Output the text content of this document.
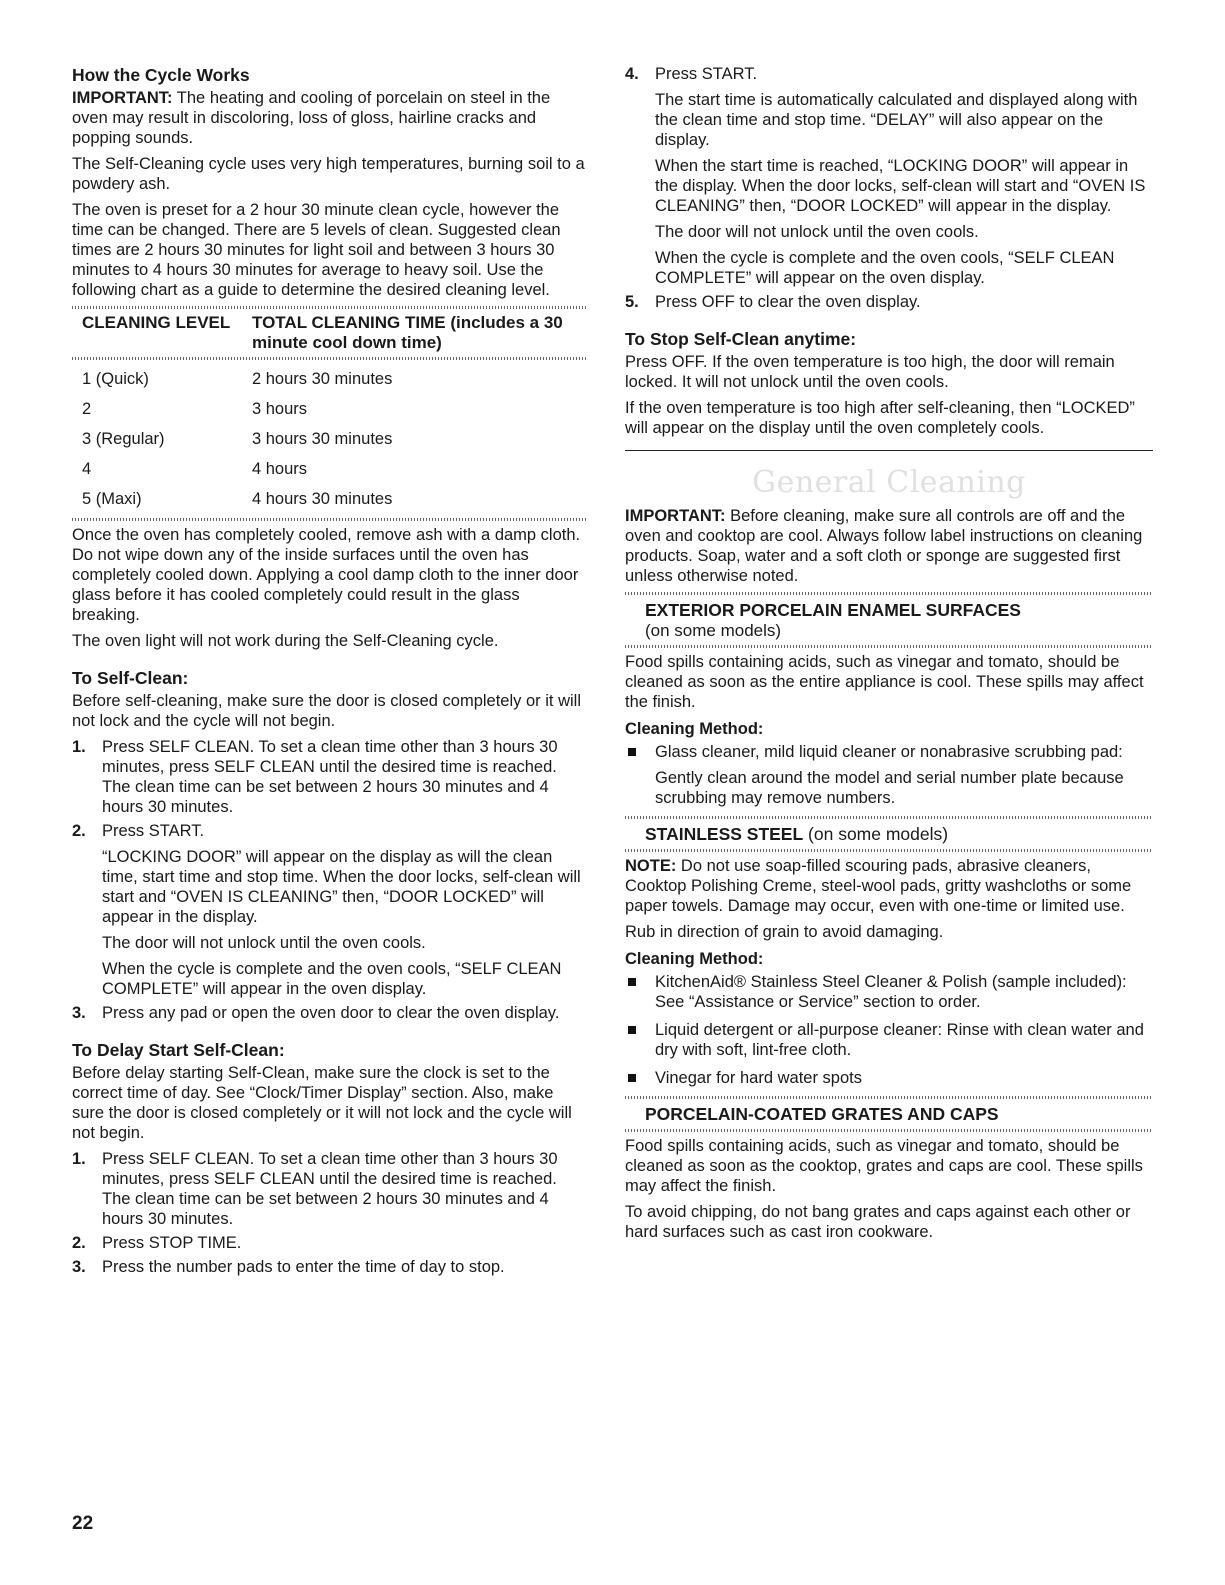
How the Cycle Works

IMPORTANT: The heating and cooling of porcelain on steel in the oven may result in discoloring, loss of gloss, hairline cracks and popping sounds.

The Self-Cleaning cycle uses very high temperatures, burning soil to a powdery ash.

The oven is preset for a 2 hour 30 minute clean cycle, however the time can be changed. There are 5 levels of clean. Suggested clean times are 2 hours 30 minutes for light soil and between 3 hours 30 minutes to 4 hours 30 minutes for average to heavy soil. Use the following chart as a guide to determine the desired cleaning level.

CLEANING LEVEL	TOTAL CLEANING TIME (includes a 30 minute cool down time)
1 (Quick)	2 hours 30 minutes
2	3 hours
3 (Regular)	3 hours 30 minutes
4	4 hours
5 (Maxi)	4 hours 30 minutes

Once the oven has completely cooled, remove ash with a damp cloth. Do not wipe down any of the inside surfaces until the oven has completely cooled down. Applying a cool damp cloth to the inner door glass before it has cooled completely could result in the glass breaking.

The oven light will not work during the Self-Cleaning cycle.

To Self-Clean:

Before self-cleaning, make sure the door is closed completely or it will not lock and the cycle will not begin.

1. Press SELF CLEAN. To set a clean time other than 3 hours 30 minutes, press SELF CLEAN until the desired time is reached. The clean time can be set between 2 hours 30 minutes and 4 hours 30 minutes.
2. Press START.

“LOCKING DOOR” will appear on the display as will the clean time, start time and stop time. When the door locks, self-clean will start and “OVEN IS CLEANING” then, “DOOR LOCKED” will appear in the display.

The door will not unlock until the oven cools.

When the cycle is complete and the oven cools, “SELF CLEAN COMPLETE” will appear in the oven display.

3. Press any pad or open the oven door to clear the oven display.
To Delay Start Self-Clean:

Before delay starting Self-Clean, make sure the clock is set to the correct time of day. See “Clock/Timer Display” section. Also, make sure the door is closed completely or it will not lock and the cycle will not begin.

1. Press SELF CLEAN. To set a clean time other than 3 hours 30 minutes, press SELF CLEAN until the desired time is reached. The clean time can be set between 2 hours 30 minutes and 4 hours 30 minutes.
2. Press STOP TIME.
3. Press the number pads to enter the time of day to stop.
4. Press START.

The start time is automatically calculated and displayed along with the clean time and stop time. “DELAY” will also appear on the display.

When the start time is reached, “LOCKING DOOR” will appear in the display. When the door locks, self-clean will start and “OVEN IS CLEANING” then, “DOOR LOCKED” will appear in the display.

The door will not unlock until the oven cools.

When the cycle is complete and the oven cools, “SELF CLEAN COMPLETE” will appear on the oven display.

5. Press OFF to clear the oven display.
To Stop Self-Clean anytime:

Press OFF. If the oven temperature is too high, the door will remain locked. It will not unlock until the oven cools.

If the oven temperature is too high after self-cleaning, then “LOCKED” will appear on the display until the oven completely cools.

General Cleaning

IMPORTANT: Before cleaning, make sure all controls are off and the oven and cooktop are cool. Always follow label instructions on cleaning products. Soap, water and a soft cloth or sponge are suggested first unless otherwise noted.

EXTERIOR PORCELAIN ENAMEL SURFACES
(on some models)

Food spills containing acids, such as vinegar and tomato, should be cleaned as soon as the entire appliance is cool. These spills may affect the finish.

Cleaning Method:
Glass cleaner, mild liquid cleaner or nonabrasive scrubbing pad:

Gently clean around the model and serial number plate because scrubbing may remove numbers.

STAINLESS STEEL (on some models)

NOTE: Do not use soap-filled scouring pads, abrasive cleaners, Cooktop Polishing Creme, steel-wool pads, gritty washcloths or some paper towels. Damage may occur, even with one-time or limited use.

Rub in direction of grain to avoid damaging.

Cleaning Method:
KitchenAid® Stainless Steel Cleaner & Polish (sample included):
See “Assistance or Service” section to order.
Liquid detergent or all-purpose cleaner: Rinse with clean water and dry with soft, lint-free cloth.
Vinegar for hard water spots
PORCELAIN-COATED GRATES AND CAPS

Food spills containing acids, such as vinegar and tomato, should be cleaned as soon as the cooktop, grates and caps are cool. These spills may affect the finish.

To avoid chipping, do not bang grates and caps against each other or hard surfaces such as cast iron cookware.

22
